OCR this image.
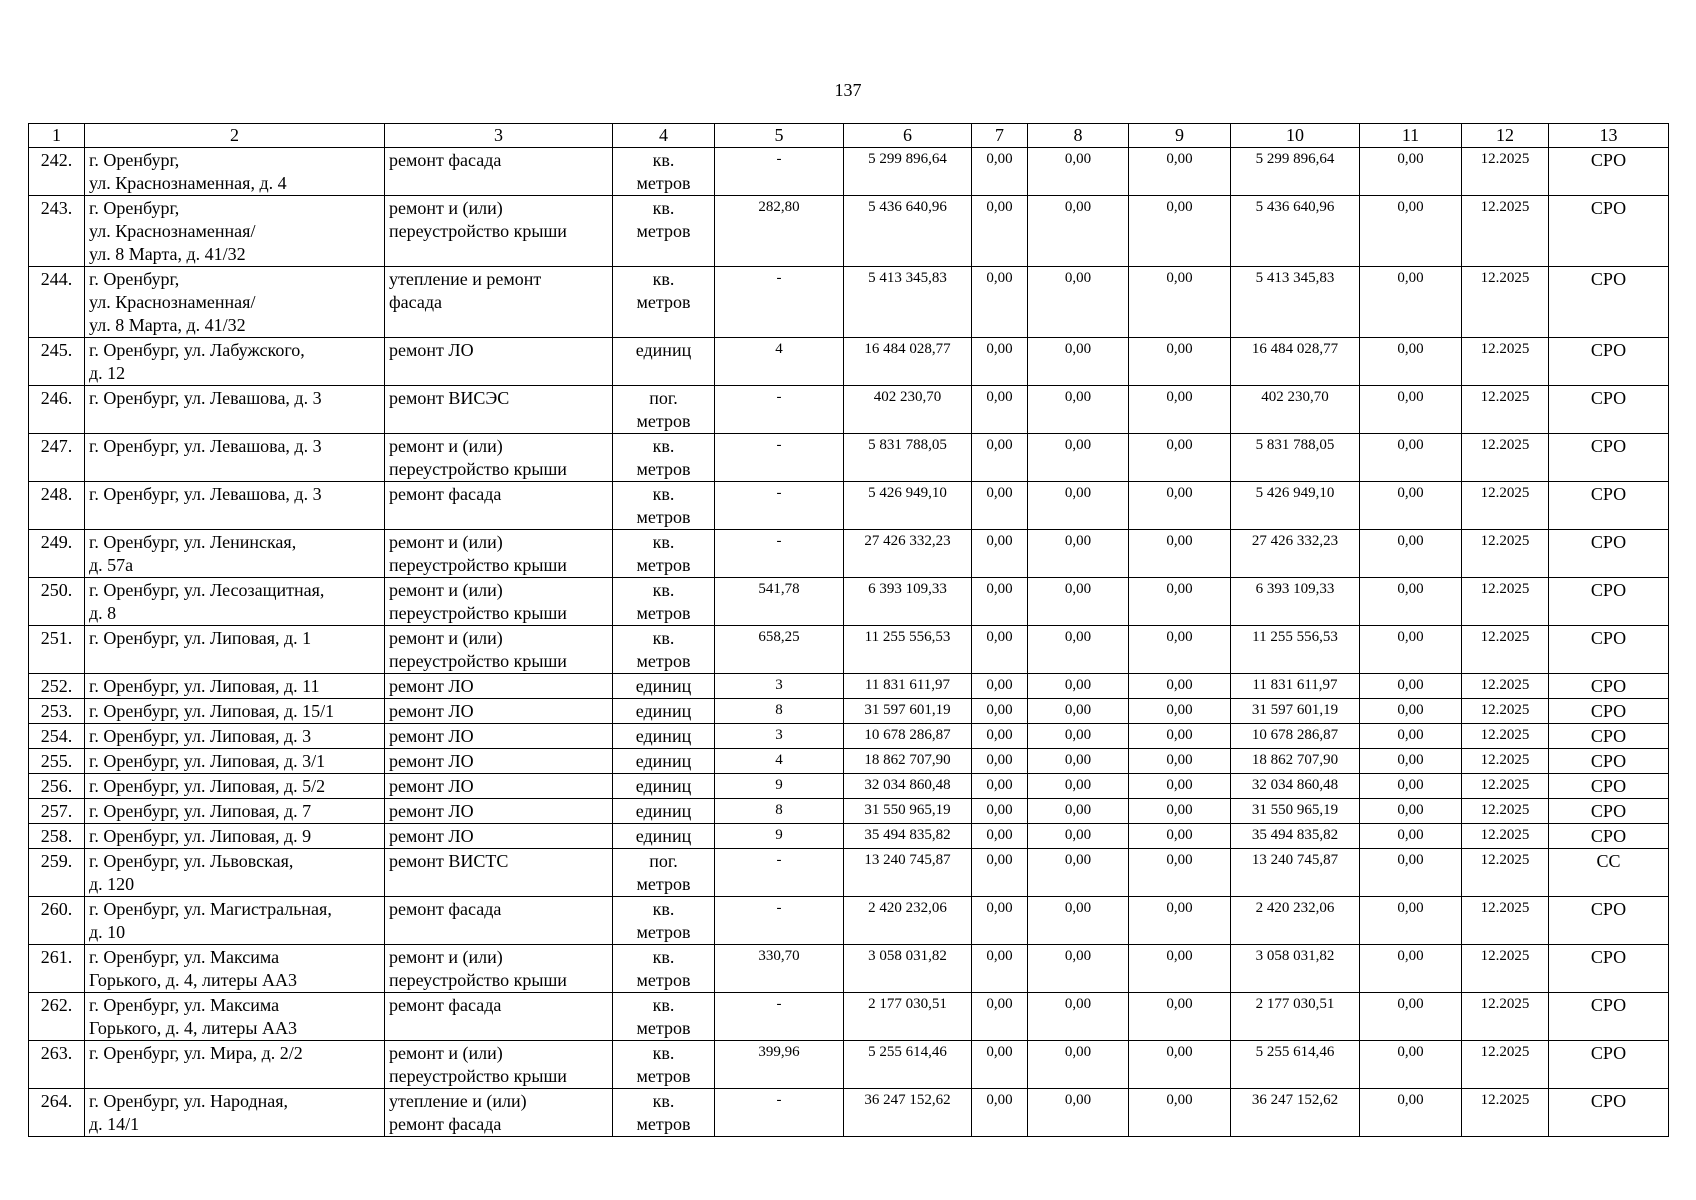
137
1	2	3	4	5	6	7	8	9	10	11	12	13
242.	г. Оренбург,
ул. Краснознаменная, д. 4	ремонт фасада	кв.
метров	-	5 299 896,64	0,00	0,00	0,00	5 299 896,64	0,00	12.2025	СРО
243.	г. Оренбург,
ул. Краснознаменная/
ул. 8 Марта, д. 41/32	ремонт и (или)
переустройство крыши	кв.
метров	282,80	5 436 640,96	0,00	0,00	0,00	5 436 640,96	0,00	12.2025	СРО
244.	г. Оренбург,
ул. Краснознаменная/
ул. 8 Марта, д. 41/32	утепление и ремонт
фасада	кв.
метров	-	5 413 345,83	0,00	0,00	0,00	5 413 345,83	0,00	12.2025	СРО
245.	г. Оренбург, ул. Лабужского,
д. 12	ремонт ЛО	единиц	4	16 484 028,77	0,00	0,00	0,00	16 484 028,77	0,00	12.2025	СРО
246.	г. Оренбург, ул. Левашова, д. 3	ремонт ВИСЭС	пог.
метров	-	402 230,70	0,00	0,00	0,00	402 230,70	0,00	12.2025	СРО
247.	г. Оренбург, ул. Левашова, д. 3	ремонт и (или)
переустройство крыши	кв.
метров	-	5 831 788,05	0,00	0,00	0,00	5 831 788,05	0,00	12.2025	СРО
248.	г. Оренбург, ул. Левашова, д. 3	ремонт фасада	кв.
метров	-	5 426 949,10	0,00	0,00	0,00	5 426 949,10	0,00	12.2025	СРО
249.	г. Оренбург, ул. Ленинская,
д. 57а	ремонт и (или)
переустройство крыши	кв.
метров	-	27 426 332,23	0,00	0,00	0,00	27 426 332,23	0,00	12.2025	СРО
250.	г. Оренбург, ул. Лесозащитная,
д. 8	ремонт и (или)
переустройство крыши	кв.
метров	541,78	6 393 109,33	0,00	0,00	0,00	6 393 109,33	0,00	12.2025	СРО
251.	г. Оренбург, ул. Липовая, д. 1	ремонт и (или)
переустройство крыши	кв.
метров	658,25	11 255 556,53	0,00	0,00	0,00	11 255 556,53	0,00	12.2025	СРО
252.	г. Оренбург, ул. Липовая, д. 11	ремонт ЛО	единиц	3	11 831 611,97	0,00	0,00	0,00	11 831 611,97	0,00	12.2025	СРО
253.	г. Оренбург, ул. Липовая, д. 15/1	ремонт ЛО	единиц	8	31 597 601,19	0,00	0,00	0,00	31 597 601,19	0,00	12.2025	СРО
254.	г. Оренбург, ул. Липовая, д. 3	ремонт ЛО	единиц	3	10 678 286,87	0,00	0,00	0,00	10 678 286,87	0,00	12.2025	СРО
255.	г. Оренбург, ул. Липовая, д. 3/1	ремонт ЛО	единиц	4	18 862 707,90	0,00	0,00	0,00	18 862 707,90	0,00	12.2025	СРО
256.	г. Оренбург, ул. Липовая, д. 5/2	ремонт ЛО	единиц	9	32 034 860,48	0,00	0,00	0,00	32 034 860,48	0,00	12.2025	СРО
257.	г. Оренбург, ул. Липовая, д. 7	ремонт ЛО	единиц	8	31 550 965,19	0,00	0,00	0,00	31 550 965,19	0,00	12.2025	СРО
258.	г. Оренбург, ул. Липовая, д. 9	ремонт ЛО	единиц	9	35 494 835,82	0,00	0,00	0,00	35 494 835,82	0,00	12.2025	СРО
259.	г. Оренбург, ул. Львовская,
д. 120	ремонт ВИСТС	пог.
метров	-	13 240 745,87	0,00	0,00	0,00	13 240 745,87	0,00	12.2025	СС
260.	г. Оренбург, ул. Магистральная,
д. 10	ремонт фасада	кв.
метров	-	2 420 232,06	0,00	0,00	0,00	2 420 232,06	0,00	12.2025	СРО
261.	г. Оренбург, ул. Максима
Горького, д. 4, литеры АА3	ремонт и (или)
переустройство крыши	кв.
метров	330,70	3 058 031,82	0,00	0,00	0,00	3 058 031,82	0,00	12.2025	СРО
262.	г. Оренбург, ул. Максима
Горького, д. 4, литеры АА3	ремонт фасада	кв.
метров	-	2 177 030,51	0,00	0,00	0,00	2 177 030,51	0,00	12.2025	СРО
263.	г. Оренбург, ул. Мира, д. 2/2	ремонт и (или)
переустройство крыши	кв.
метров	399,96	5 255 614,46	0,00	0,00	0,00	5 255 614,46	0,00	12.2025	СРО
264.	г. Оренбург, ул. Народная,
д. 14/1	утепление и (или)
ремонт фасада	кв.
метров	-	36 247 152,62	0,00	0,00	0,00	36 247 152,62	0,00	12.2025	СРО
